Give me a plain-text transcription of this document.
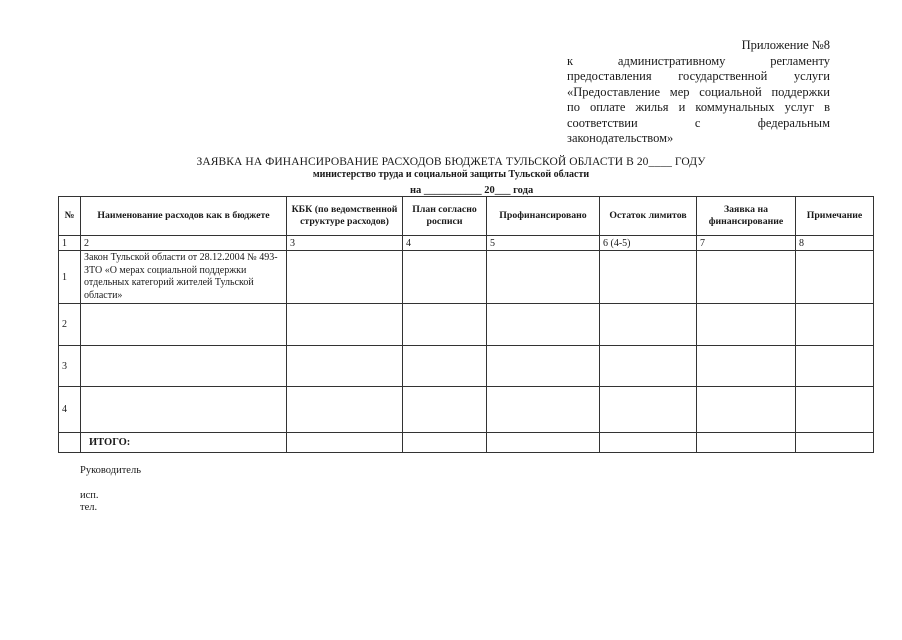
Приложение №8
к административному регламенту
предоставления государственной услуги
«Предоставление мер социальной поддержки
по оплате жилья и коммунальных услуг в
соответствии с федеральным
законодательством»
ЗАЯВКА НА ФИНАНСИРОВАНИЕ РАСХОДОВ БЮДЖЕТА ТУЛЬСКОЙ ОБЛАСТИ В 20____ ГОДУ
министерство труда и социальной защиты Тульской области
на ___________ 20___ года
№	Наименование расходов как в бюджете	КБК (по ведомственной структуре расходов)	План согласно росписи	Профинансировано	Остаток лимитов	Заявка на финансирование	Примечание
1	2	3	4	5	6 (4-5)	7	8
1	Закон Тульской области от 28.12.2004 № 493-ЗТО «О мерах социальной поддержки отдельных категорий жителей Тульской области»						
2							
3							
4							
	ИТОГО:						
Руководитель
исп.
тел.
